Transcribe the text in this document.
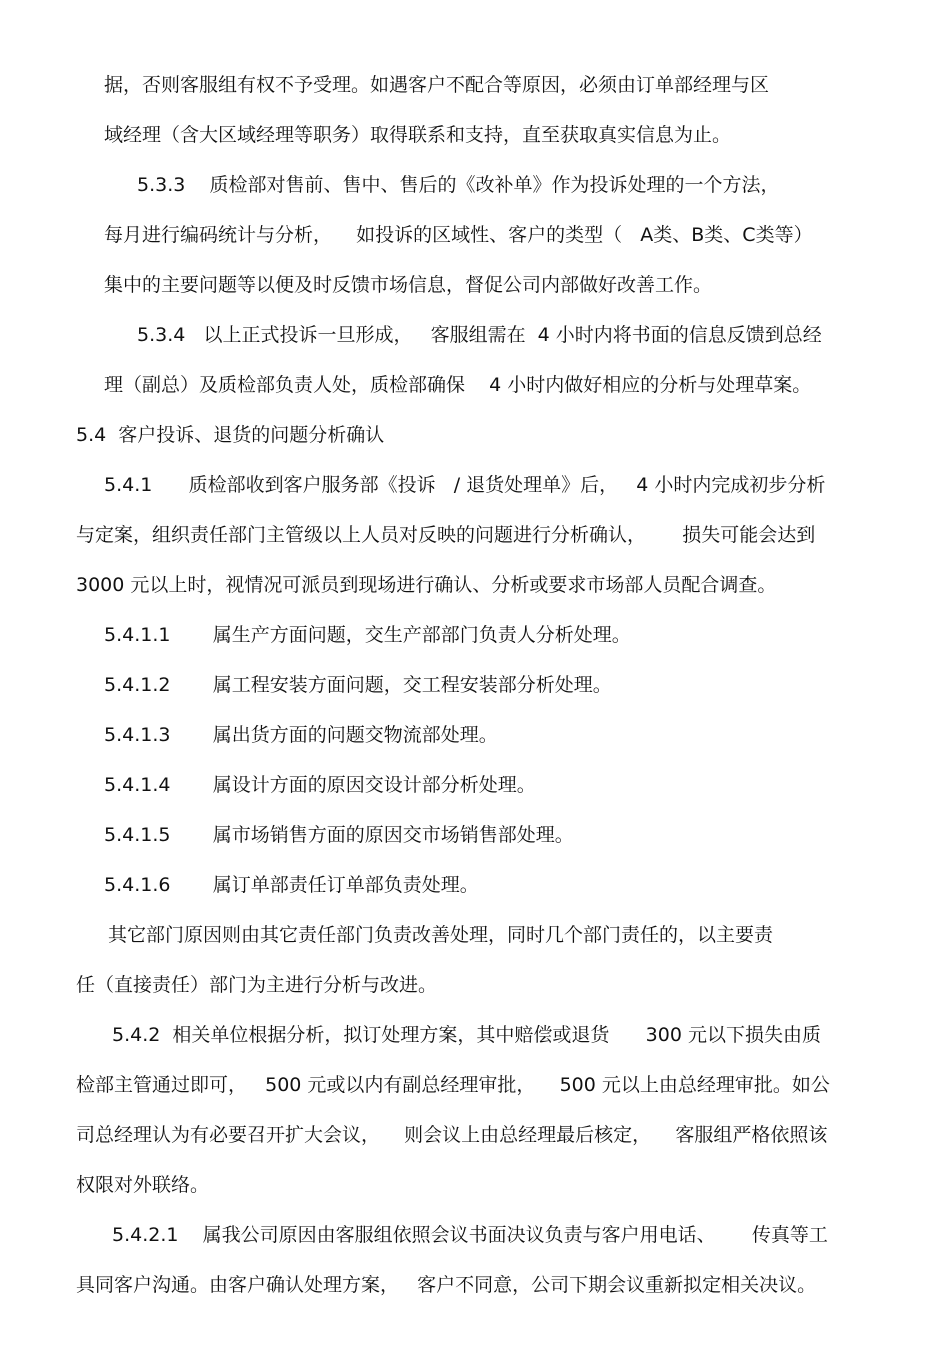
据，否则客服组有权不予受理。如遇客户不配合等原因，必须由订单部经理与区
域经理（含大区域经理等职务）取得联系和支持，直至获取真实信息为止。
5.3.3    质检部对售前、售中、售后的《改补单》作为投诉处理的一个方法，
每月进行编码统计与分析，    如投诉的区域性、客户的类型（   A类、B类、C类等）
集中的主要问题等以便及时反馈市场信息，督促公司内部做好改善工作。
5.3.4   以上正式投诉一旦形成，   客服组需在  4 小时内将书面的信息反馈到总经
理（副总）及质检部负责人处，质检部确保    4 小时内做好相应的分析与处理草案。
5.4  客户投诉、退货的问题分析确认
5.4.1      质检部收到客户服务部《投诉   / 退货处理单》后，   4 小时内完成初步分析
与定案，组织责任部门主管级以上人员对反映的问题进行分析确认，      损失可能会达到
3000 元以上时，视情况可派员到现场进行确认、分析或要求市场部人员配合调查。
5.4.1.1       属生产方面问题，交生产部部门负责人分析处理。
5.4.1.2       属工程安装方面问题，交工程安装部分析处理。
5.4.1.3       属出货方面的问题交物流部处理。
5.4.1.4       属设计方面的原因交设计部分析处理。
5.4.1.5       属市场销售方面的原因交市场销售部处理。
5.4.1.6       属订单部责任订单部负责处理。
其它部门原因则由其它责任部门负责改善处理，同时几个部门责任的，以主要责
任（直接责任）部门为主进行分析与改进。
5.4.2  相关单位根据分析，拟订处理方案，其中赔偿或退货      300 元以下损失由质
检部主管通过即可，   500 元或以内有副总经理审批，    500 元以上由总经理审批。如公
司总经理认为有必要召开扩大会议，    则会议上由总经理最后核定，    客服组严格依照该
权限对外联络。
5.4.2.1    属我公司原因由客服组依照会议书面决议负责与客户用电话、      传真等工
具同客户沟通。由客户确认处理方案，   客户不同意，公司下期会议重新拟定相关决议。
